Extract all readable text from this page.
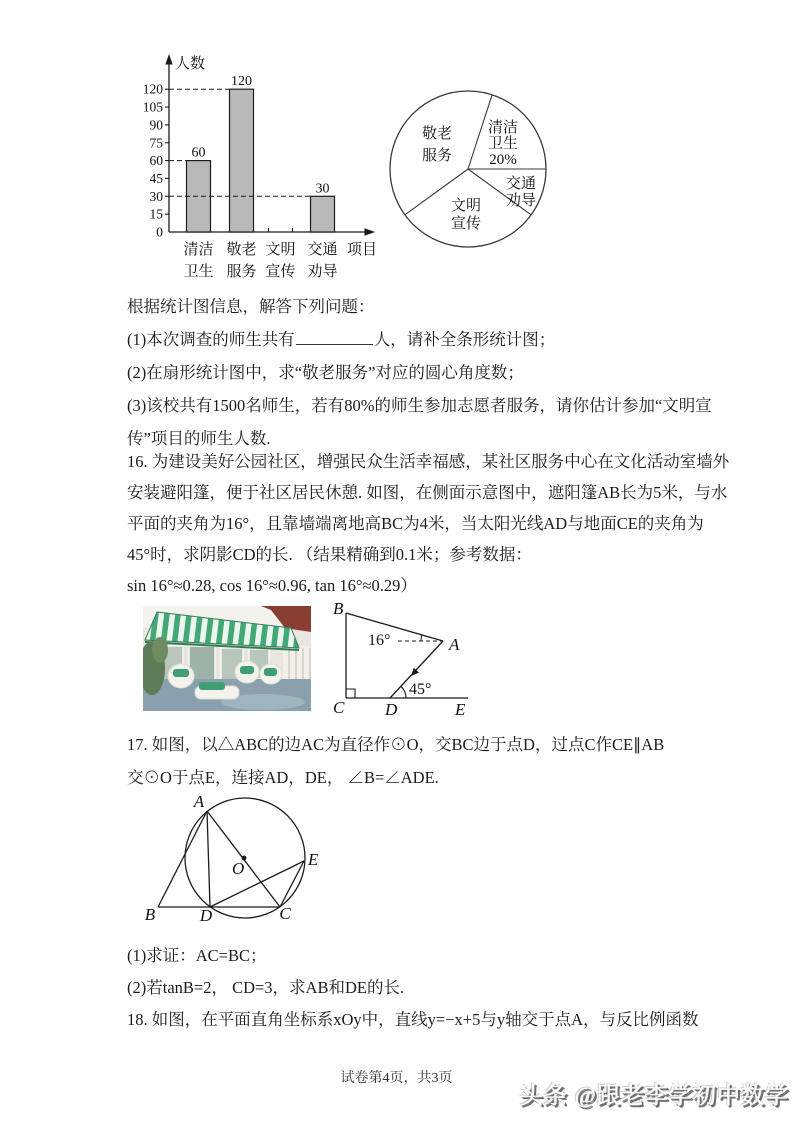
0
15
30
45
60
75
90
105
120
60
120
30
清洁
卫生
敬老
服务
文明
宣传
交通
劝导
人数
项目
清洁
卫生
20%
敬老
服务
文明
宣传
交通
劝导
根据统计图信息，解答下列问题：
(1)本次调查的师生共有	人，请补全条形统计图；
(2)在扇形统计图中，求“敬老服务”对应的圆心角度数；
(3)该校共有1500名师生，若有80%的师生参加志愿者服务，请你估计参加“文明宣
传”项目的师生人数.
16. 为建设美好公园社区，增强民众生活幸福感，某社区服务中心在文化活动室墙外
安装避阳篷，便于社区居民休憩. 如图，在侧面示意图中，遮阳篷AB长为5米，与水
平面的夹角为16°，且靠墙端离地高BC为4米，当太阳光线AD与地面CE的夹角为
45°时，求阴影CD的长. （结果精确到0.1米；参考数据：
sin 16°≈0.28, cos 16°≈0.96, tan 16°≈0.29）
B
A
C D	E
16°
45°
17. 如图，以△ABC的边AC为直径作⊙O，交BC边于点D，过点C作CE∥AB
交⊙O于点E，连接AD，DE， ∠B=∠ADE.
A
B	D	C
E
O
(1)求证：AC=BC；
(2)若tanB=2， CD=3，求AB和DE的长.
18. 如图，在平面直角坐标系xOy中，直线y=−x+5与y轴交于点A，与反比例函数
试卷第4页，共3页
头条 @跟老李学初中数学
